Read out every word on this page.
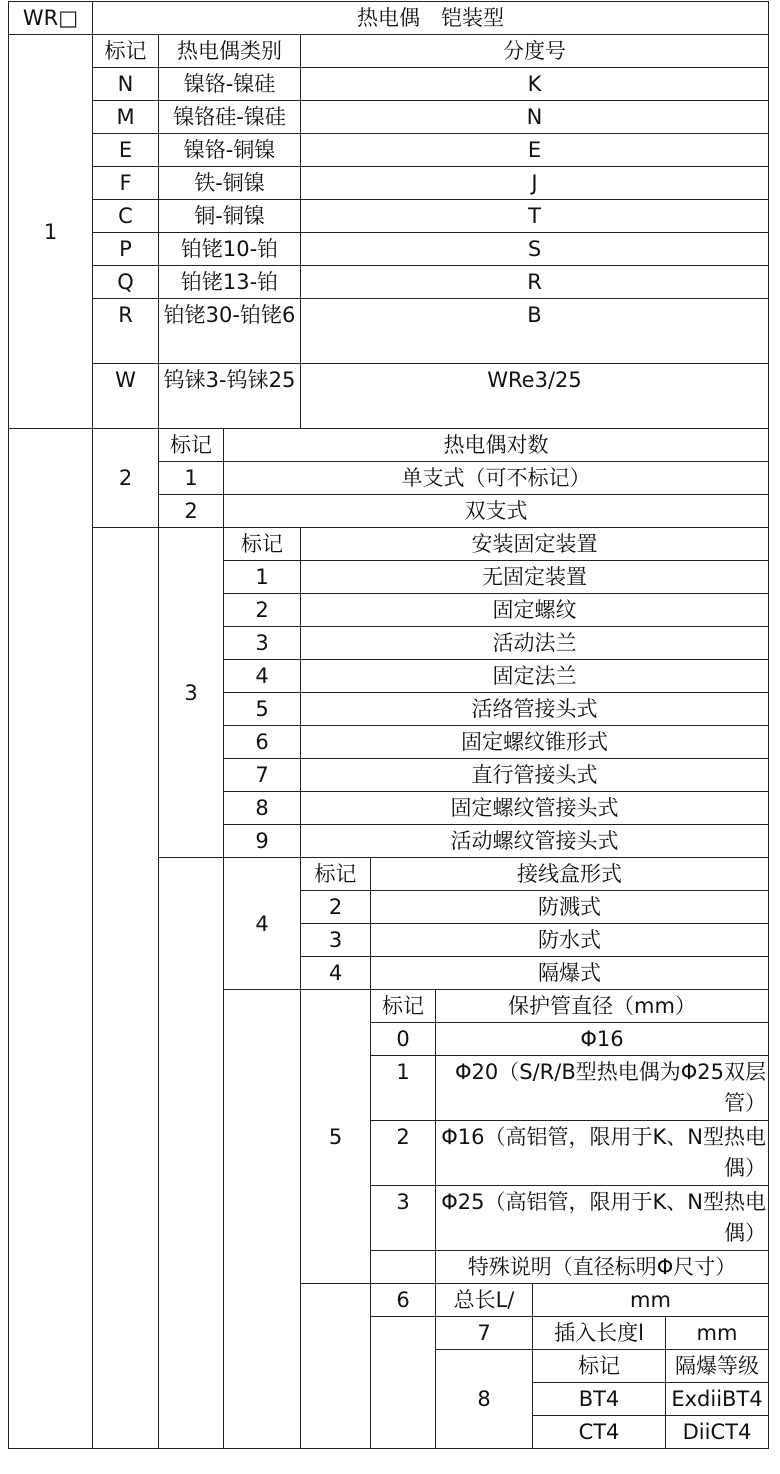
WR□	热电偶　铠装型							
1	标记	热电偶类别		分度号				
	N	镍铬-镍硅		K				
	M	镍铬硅-镍硅		N				
	E	镍铬-铜镍		E				
	F	铁-铜镍		J				
	C	铜-铜镍		T				
	P	铂铑10-铂		S				
	Q	铂铑13-铂		R				
	R	铂铑30-铂铑6		B				
	W	钨铼3-钨铼25		WRe3/25				
	2	标记	热电偶对数					
		1	单支式（可不标记）					
		2	双支式					
		3	标记	安装固定装置				
			1	无固定装置				
			2	固定螺纹				
			3	活动法兰				
			4	固定法兰				
			5	活络管接头式				
			6	固定螺纹锥形式				
			7	直行管接头式				
			8	固定螺纹管接头式				
			9	活动螺纹管接头式				
			4	标记	接线盒形式			
				2	防溅式			
				3	防水式			
				4	隔爆式			
				5	标记	保护管直径（mm）		
					0	Φ16		
					1	Φ20（S/R/B型热电偶为Φ25双层管）		
					2	Φ16（高铝管，限用于K、N型热电偶）		
					3	Φ25（高铝管，限用于K、N型热电偶）		
						特殊说明（直径标明Φ尺寸）		
					6	总长L/	mm	
						7	插入长度l	mm
						8	标记	隔爆等级
							BT4	ExdiiBT4
							CT4	DiiCT4
